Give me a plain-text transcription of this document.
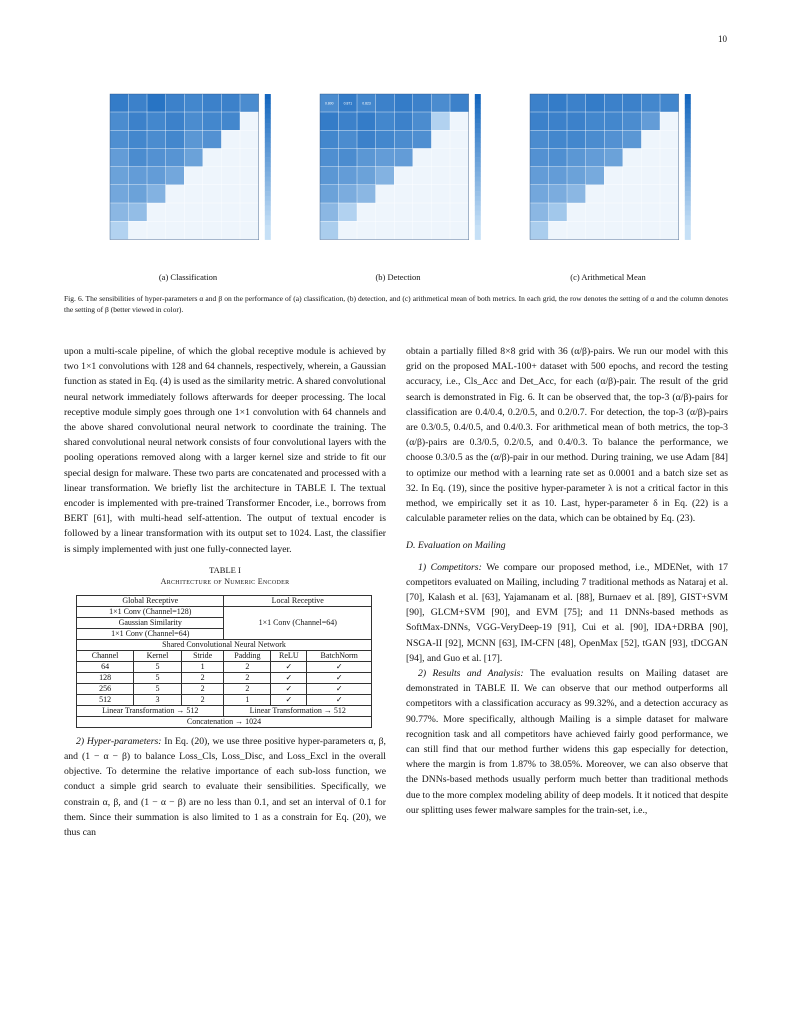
10
(a) Classification
0.800	0.871	0.823
(b) Detection	(c) Arithmetical Mean
Fig. 6. The sensibilities of hyper-parameters α and β on the performance of (a) classification, (b) detection, and (c) arithmetical mean of both metrics. In each grid, the row denotes the setting of α and the column denotes the setting of β (better viewed in color).

upon a multi-scale pipeline, of which the global receptive module is achieved by two 1×1 convolutions with 128 and 64 channels, respectively, wherein, a Gaussian function as stated in Eq. (4) is used as the similarity metric. A shared convolutional neural network immediately follows afterwards for deeper processing. The local receptive module simply goes through one 1×1 convolution with 64 channels and the above shared convolutional neural network to coordinate the training. The shared convolutional neural network consists of four convolutional layers with the pooling operations removed along with a larger kernel size and stride to fit our special design for malware. These two parts are concatenated and processed with a linear transformation. We briefly list the architecture in TABLE I. The textual encoder is implemented with pre-trained Transformer Encoder, i.e., borrows from BERT [61], with multi-head self-attention. The output of textual encoder is followed by a linear transformation with its output set to 1024. Last, the classifier is simply implemented with just one fully-connected layer.

TABLE I
Architecture of Numeric Encoder
Global Receptive			Local Receptive		
1×1 Conv (Channel=128)			1×1 Conv (Channel=64)		
Gaussian Similarity					
1×1 Conv (Channel=64)					
Shared Convolutional Neural Network					
Channel	Kernel	Stride	Padding	ReLU	BatchNorm
64	5	1	2	✓	✓
128	5	2	2	✓	✓
256	5	2	2	✓	✓
512	3	2	1	✓	✓
Linear Transformation → 512			Linear Transformation → 512		
Concatenation → 1024					

2) Hyper-parameters: In Eq. (20), we use three positive hyper-parameters α, β, and (1 − α − β) to balance Loss_Cls, Loss_Disc, and Loss_Excl in the overall objective. To determine the relative importance of each sub-loss function, we conduct a simple grid search to evaluate their sensibilities. Specifically, we constrain α, β, and (1 − α − β) are no less than 0.1, and set an interval of 0.1 for them. Since their summation is also limited to 1 as a constrain for Eq. (20), we thus can

obtain a partially filled 8×8 grid with 36 (α/β)-pairs. We run our model with this grid on the proposed MAL-100+ dataset with 500 epochs, and record the testing accuracy, i.e., Cls_Acc and Det_Acc, for each (α/β)-pair. The result of the grid search is demonstrated in Fig. 6. It can be observed that, the top-3 (α/β)-pairs for classification are 0.4/0.4, 0.2/0.5, and 0.2/0.7. For detection, the top-3 (α/β)-pairs are 0.3/0.5, 0.4/0.5, and 0.4/0.3. For arithmetical mean of both metrics, the top-3 (α/β)-pairs are 0.3/0.5, 0.2/0.5, and 0.4/0.3. To balance the performance, we choose 0.3/0.5 as the (α/β)-pair in our method. During training, we use Adam [84] to optimize our method with a learning rate set as 0.0001 and a batch size set as 32. In Eq. (19), since the positive hyper-parameter λ is not a critical factor in this method, we empirically set it as 10. Last, hyper-parameter δ in Eq. (22) is a calculable parameter relies on the data, which can be obtained by Eq. (23).

D. Evaluation on Mailing

1) Competitors: We compare our proposed method, i.e., MDENet, with 17 competitors evaluated on Mailing, including 7 traditional methods as Nataraj et al. [70], Kalash et al. [63], Yajamanam et al. [88], Burnaev et al. [89], GIST+SVM [90], GLCM+SVM [90], and EVM [75]; and 11 DNNs-based methods as SoftMax-DNNs, VGG-VeryDeep-19 [91], Cui et al. [90], IDA+DRBA [90], NSGA-II [92], MCNN [63], IM-CFN [48], OpenMax [52], tGAN [93], tDCGAN [94], and Guo et al. [17].

2) Results and Analysis: The evaluation results on Mailing dataset are demonstrated in TABLE II. We can observe that our method outperforms all competitors with a classification accuracy as 99.32%, and a detection accuracy as 90.77%. More specifically, although Mailing is a simple dataset for malware recognition task and all competitors have achieved fairly good performance, we can still find that our method further widens this gap especially for detection, where the margin is from 1.87% to 38.05%. Moreover, we can also observe that the DNNs-based methods usually perform much better than traditional methods due to the more complex modeling ability of deep models. It it noticed that despite our splitting uses fewer malware samples for the train-set, i.e.,
